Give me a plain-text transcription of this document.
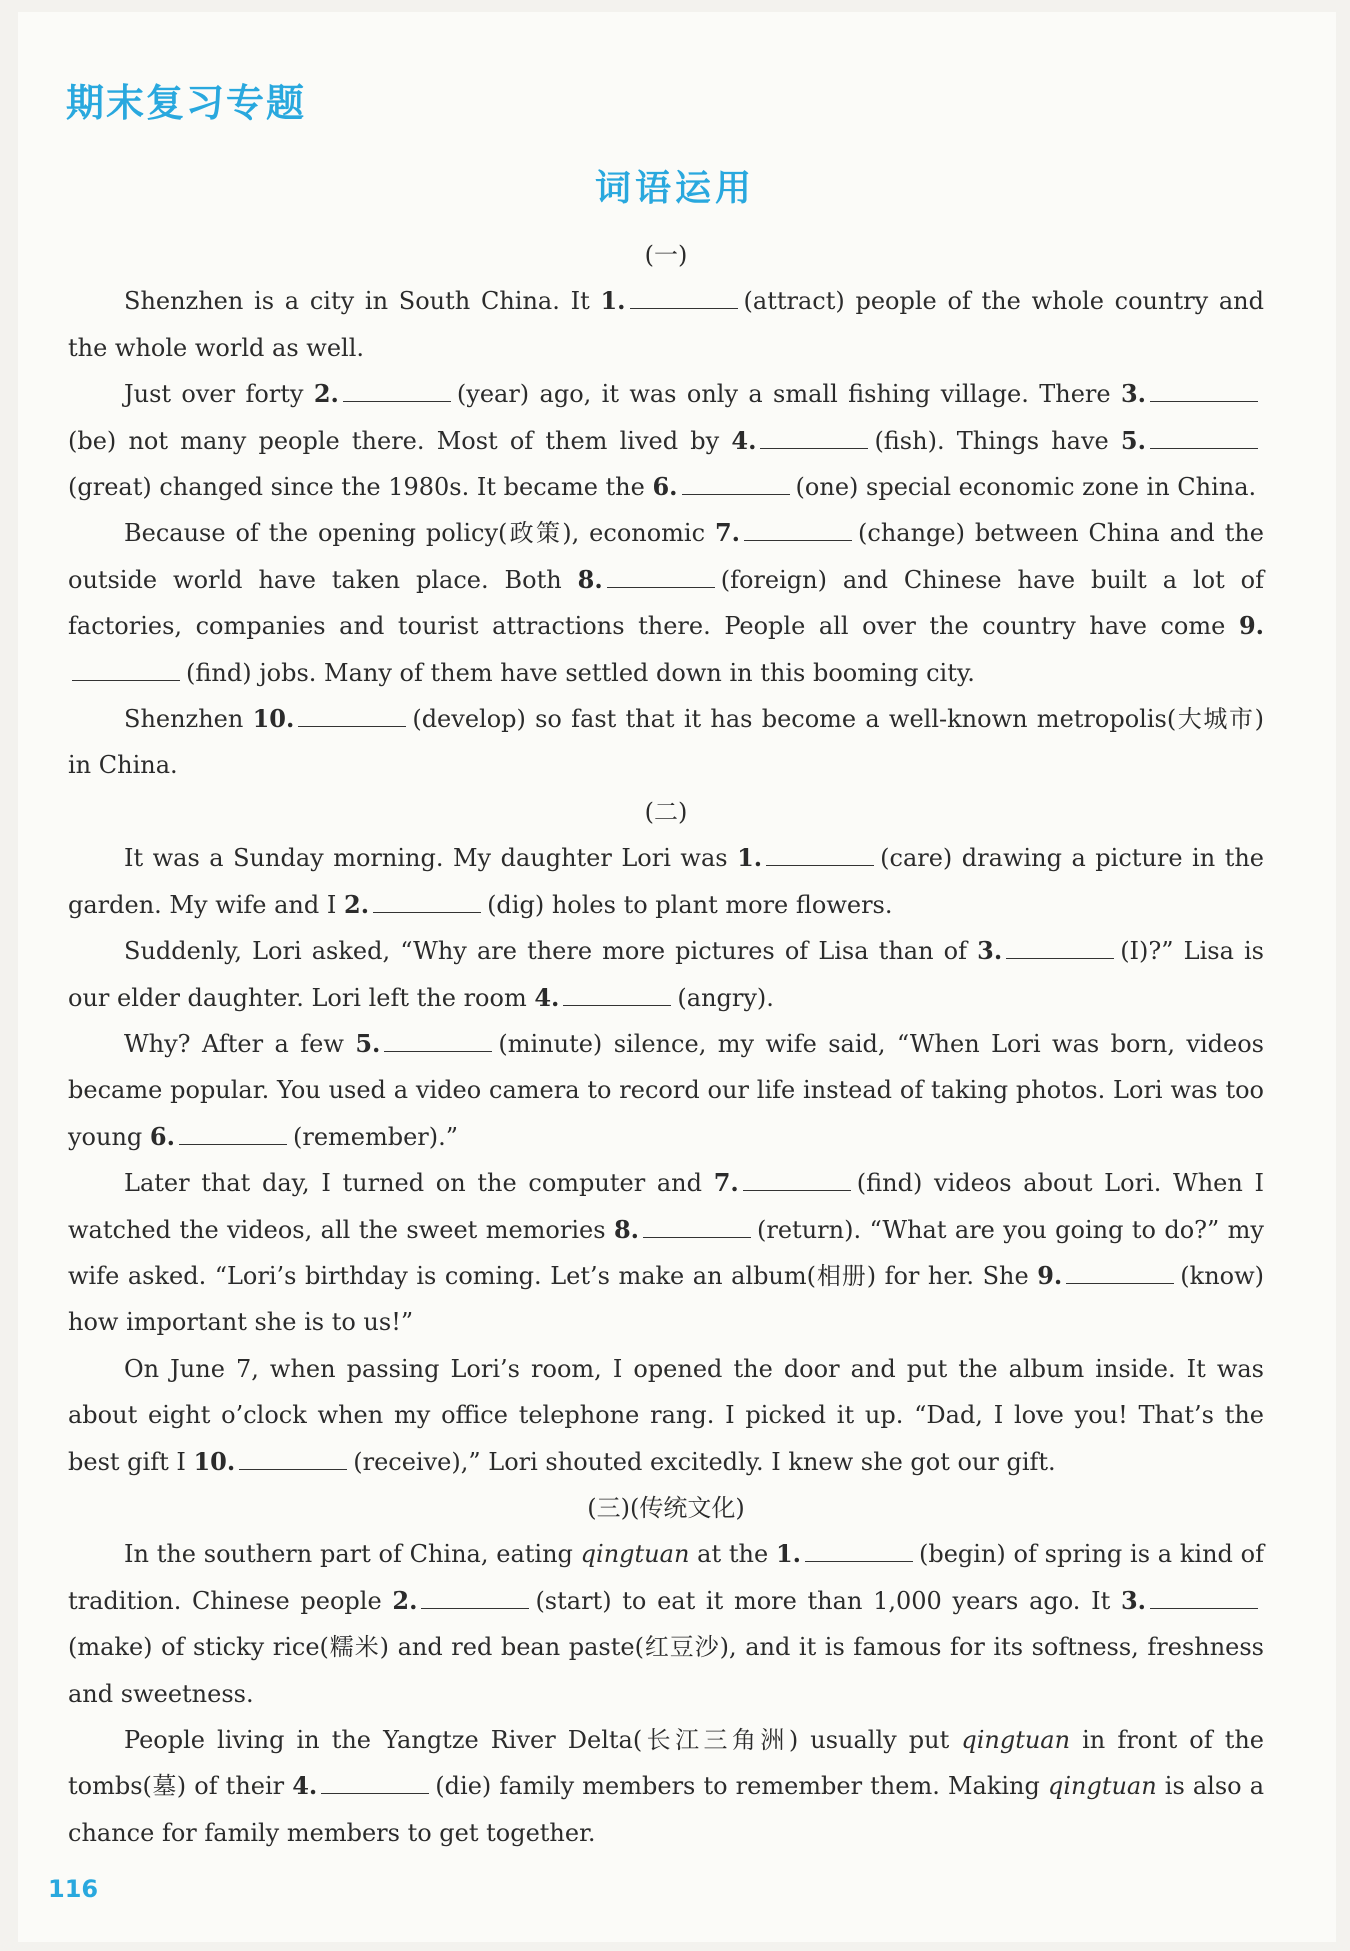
期末复习专题
词语运用

(一)

Shenzhen is a city in South China. It 1.	(attract) people of the whole country and the whole world as well.

Just over forty 2.	(year) ago, it was only a small fishing village. There 3.(be) not many people there. Most of them lived by 4.	(fish). Things have 5.(great) changed since the 1980s. It became the 6.	(one) special economic zone in China.

Because of the opening policy(政策), economic 7.	(change) between China and the outside world have taken place. Both 8.	(foreign) and Chinese have built a lot of factories, companies and tourist attractions there. People all over the country have come 9.(find) jobs. Many of them have settled down in this booming city.

Shenzhen 10.	(develop) so fast that it has become a well-known metropolis(大城市) in China.

(二)

It was a Sunday morning. My daughter Lori was 1.	(care) drawing a picture in the garden. My wife and I 2.	(dig) holes to plant more flowers.

Suddenly, Lori asked, “Why are there more pictures of Lisa than of 3.	(I)?” Lisa is our elder daughter. Lori left the room 4.	(angry).

Why? After a few 5.	(minute) silence, my wife said, “When Lori was born, videos became popular. You used a video camera to record our life instead of taking photos. Lori was too young 6.	(remember).”

Later that day, I turned on the computer and 7.	(find) videos about Lori. When I watched the videos, all the sweet memories 8.	(return). “What are you going to do?” my wife asked. “Lori’s birthday is coming. Let’s make an album(相册) for her. She 9.	(know) how important she is to us!”

On June 7, when passing Lori’s room, I opened the door and put the album inside. It was about eight o’clock when my office telephone rang. I picked it up. “Dad, I love you! That’s the best gift I 10.	(receive),” Lori shouted excitedly. I knew she got our gift.

(三)(传统文化)

In the southern part of China, eating qingtuan at the 1.	(begin) of spring is a kind of tradition. Chinese people 2.	(start) to eat it more than 1,000 years ago. It 3.(make) of sticky rice(糯米) and red bean paste(红豆沙), and it is famous for its softness, freshness and sweetness.

People living in the Yangtze River Delta(长江三角洲) usually put qingtuan in front of the tombs(墓) of their 4.	(die) family members to remember them. Making qingtuan is also a chance for family members to get together.

116
